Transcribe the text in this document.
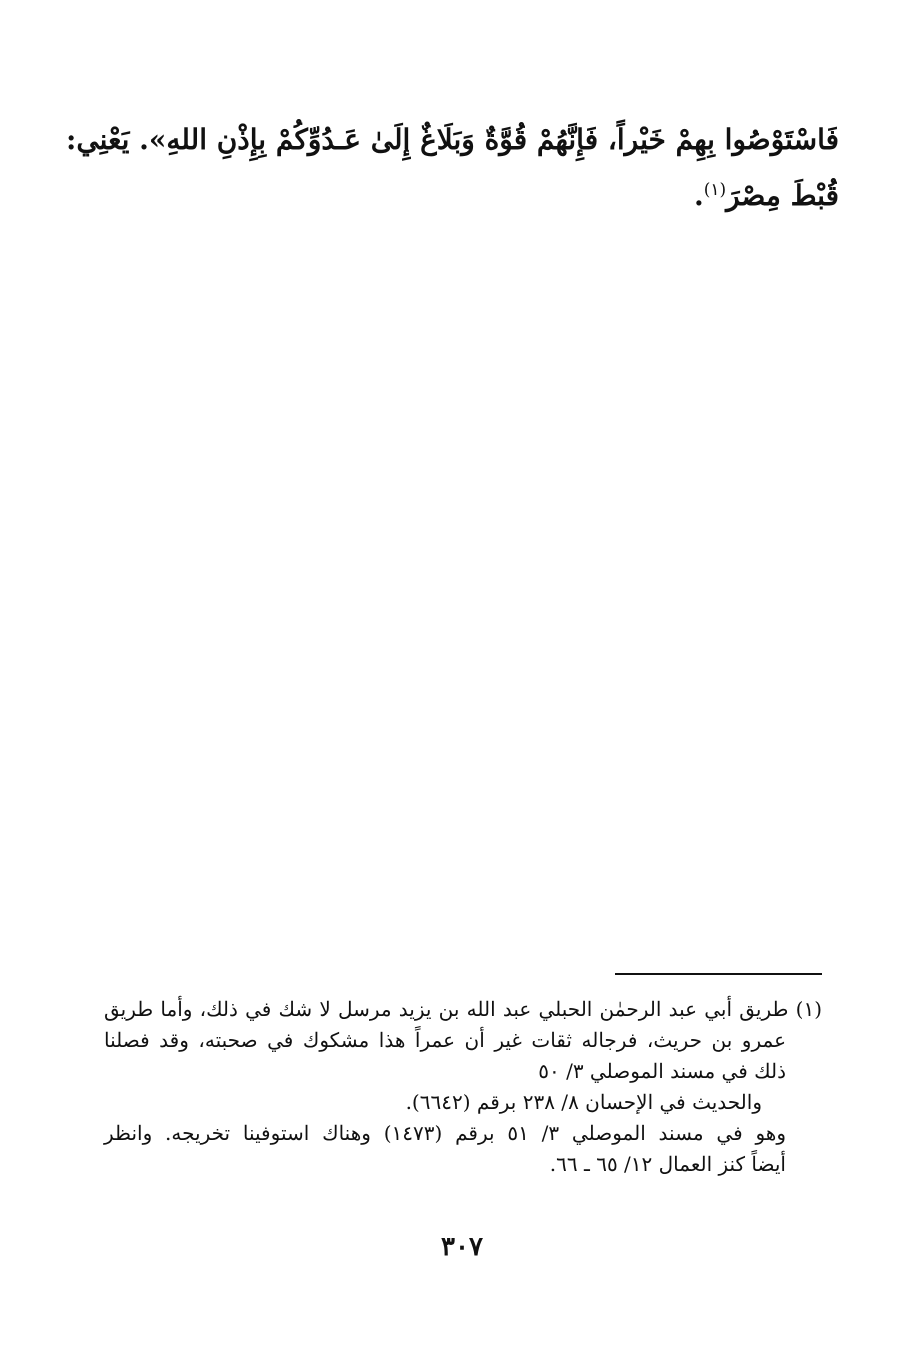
فَاسْتَوْصُوا بِهِمْ خَيْراً، فَإِنَّهُمْ قُوَّةٌ وَبَلَاغٌ إِلَىٰ عَـدُوِّكُمْ بِإِذْنِ اللهِ». يَعْنِي:
قُبْطَ مِصْرَ$^{(١)}$.
(١) طريق أبي عبد الرحمٰن الحبلي عبد الله بن يزيد مرسل لا شك في ذلك، وأما طريق
عمرو بن حريث، فرجاله ثقات غير أن عمراً هذا مشكوك في صحبته، وقد فصلنا
ذلك في مسند الموصلي ٣/ ٥٠
والحديث في الإحسان ٨/ ٢٣٨ برقم (٦٦٤٢).
وهو في مسند الموصلي ٣/ ٥١ برقم (١٤٧٣) وهناك استوفينا تخريجه. وانظر
أيضاً كنز العمال ١٢/ ٦٥ ـ ٦٦.
٣٠٧
